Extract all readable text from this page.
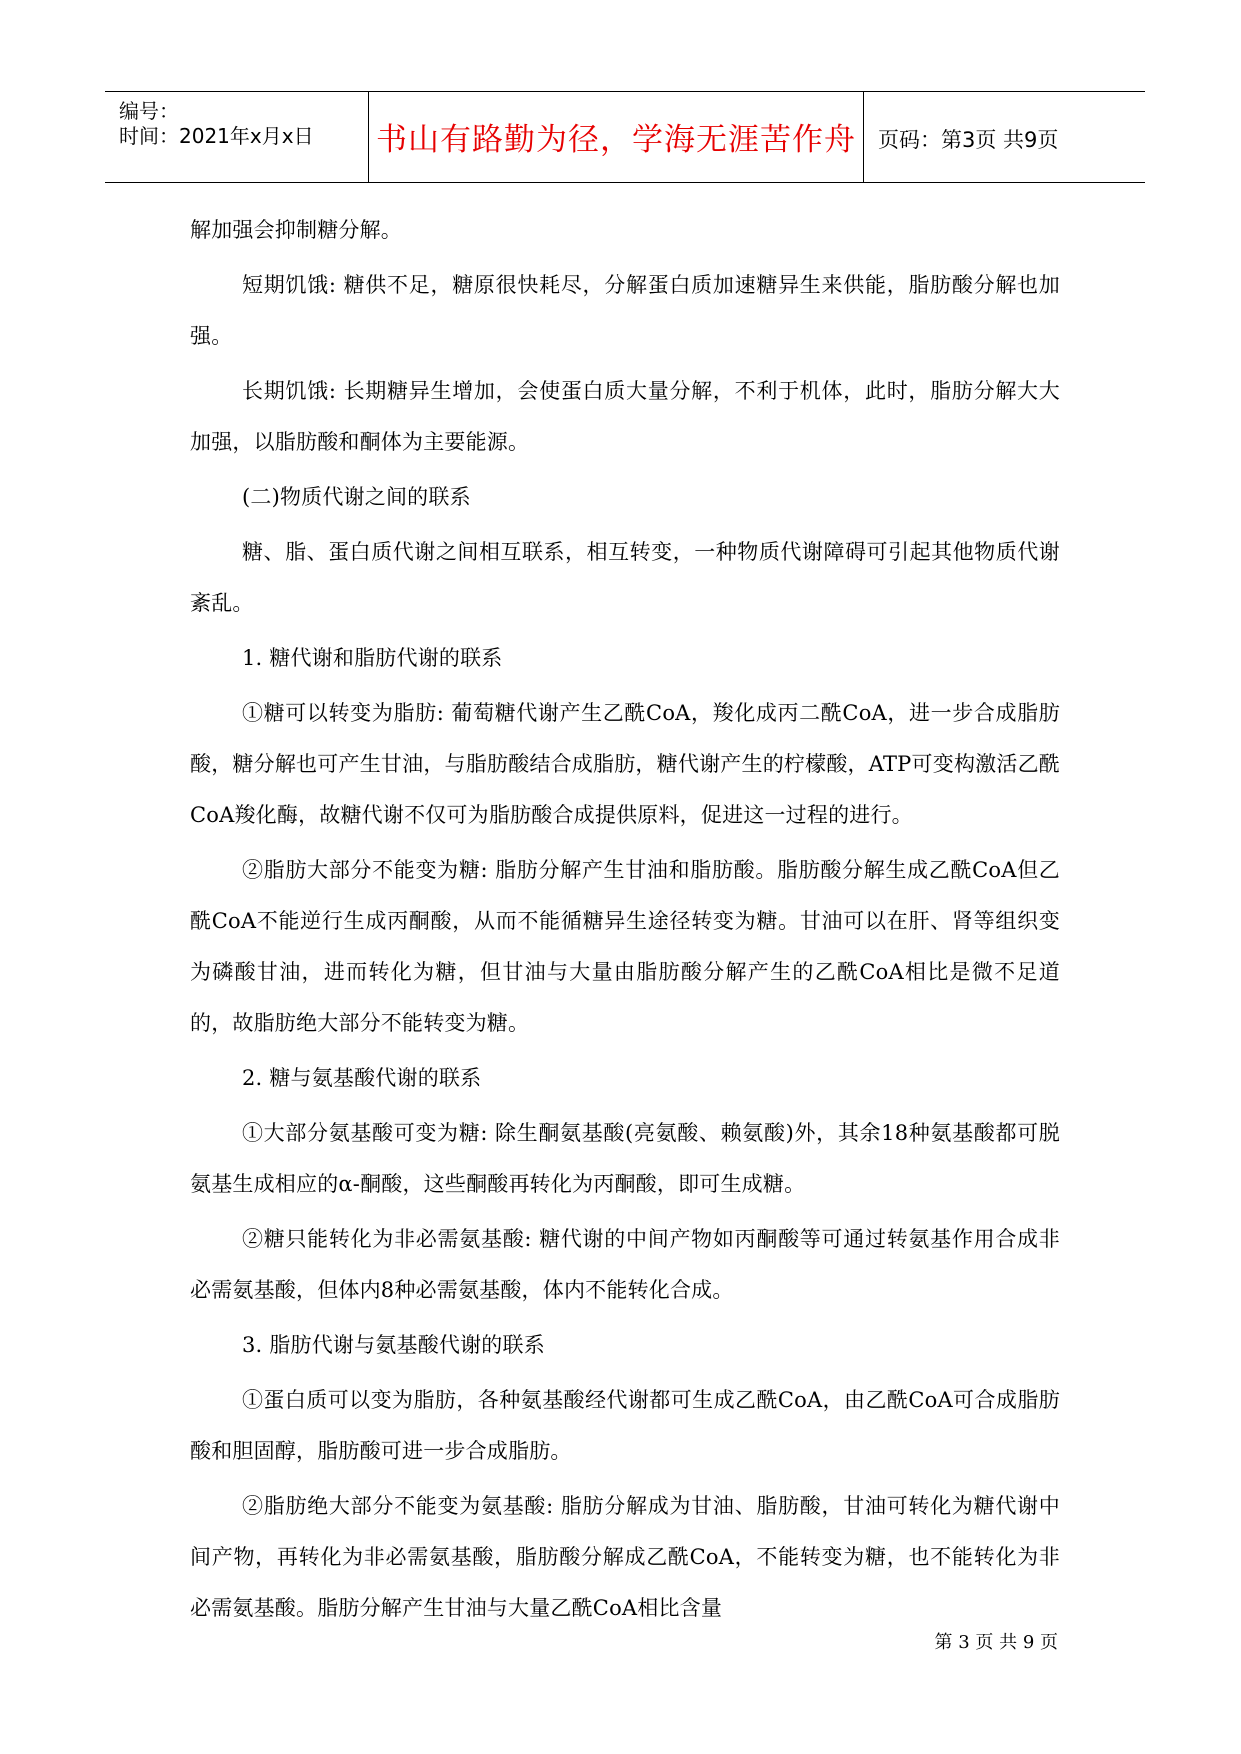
编号：
时间：2021年x月x日 书山有路勤为径，学海无涯苦作舟	页码：第3页 共9页

解加强会抑制糖分解。

短期饥饿: 糖供不足，糖原很快耗尽，分解蛋白质加速糖异生来供能，脂肪酸分解也加强。

长期饥饿: 长期糖异生增加，会使蛋白质大量分解，不利于机体，此时，脂肪分解大大加强，以脂肪酸和酮体为主要能源。

(二)物质代谢之间的联系

糖、脂、蛋白质代谢之间相互联系，相互转变，一种物质代谢障碍可引起其他物质代谢紊乱。

1. 糖代谢和脂肪代谢的联系

①糖可以转变为脂肪: 葡萄糖代谢产生乙酰CoA，羧化成丙二酰CoA，进一步合成脂肪酸，糖分解也可产生甘油，与脂肪酸结合成脂肪，糖代谢产生的柠檬酸，ATP可变构激活乙酰CoA羧化酶，故糖代谢不仅可为脂肪酸合成提供原料，促进这一过程的进行。

②脂肪大部分不能变为糖: 脂肪分解产生甘油和脂肪酸。脂肪酸分解生成乙酰CoA但乙酰CoA不能逆行生成丙酮酸，从而不能循糖异生途径转变为糖。甘油可以在肝、肾等组织变为磷酸甘油，进而转化为糖，但甘油与大量由脂肪酸分解产生的乙酰CoA相比是微不足道的，故脂肪绝大部分不能转变为糖。

2. 糖与氨基酸代谢的联系

①大部分氨基酸可变为糖: 除生酮氨基酸(亮氨酸、赖氨酸)外，其余18种氨基酸都可脱氨基生成相应的α-酮酸，这些酮酸再转化为丙酮酸，即可生成糖。

②糖只能转化为非必需氨基酸: 糖代谢的中间产物如丙酮酸等可通过转氨基作用合成非必需氨基酸，但体内8种必需氨基酸，体内不能转化合成。

3. 脂肪代谢与氨基酸代谢的联系

①蛋白质可以变为脂肪，各种氨基酸经代谢都可生成乙酰CoA，由乙酰CoA可合成脂肪酸和胆固醇，脂肪酸可进一步合成脂肪。

②脂肪绝大部分不能变为氨基酸: 脂肪分解成为甘油、脂肪酸，甘油可转化为糖代谢中间产物，再转化为非必需氨基酸，脂肪酸分解成乙酰CoA，不能转变为糖，也不能转化为非必需氨基酸。脂肪分解产生甘油与大量乙酰CoA相比含量

第 3 页 共 9 页
